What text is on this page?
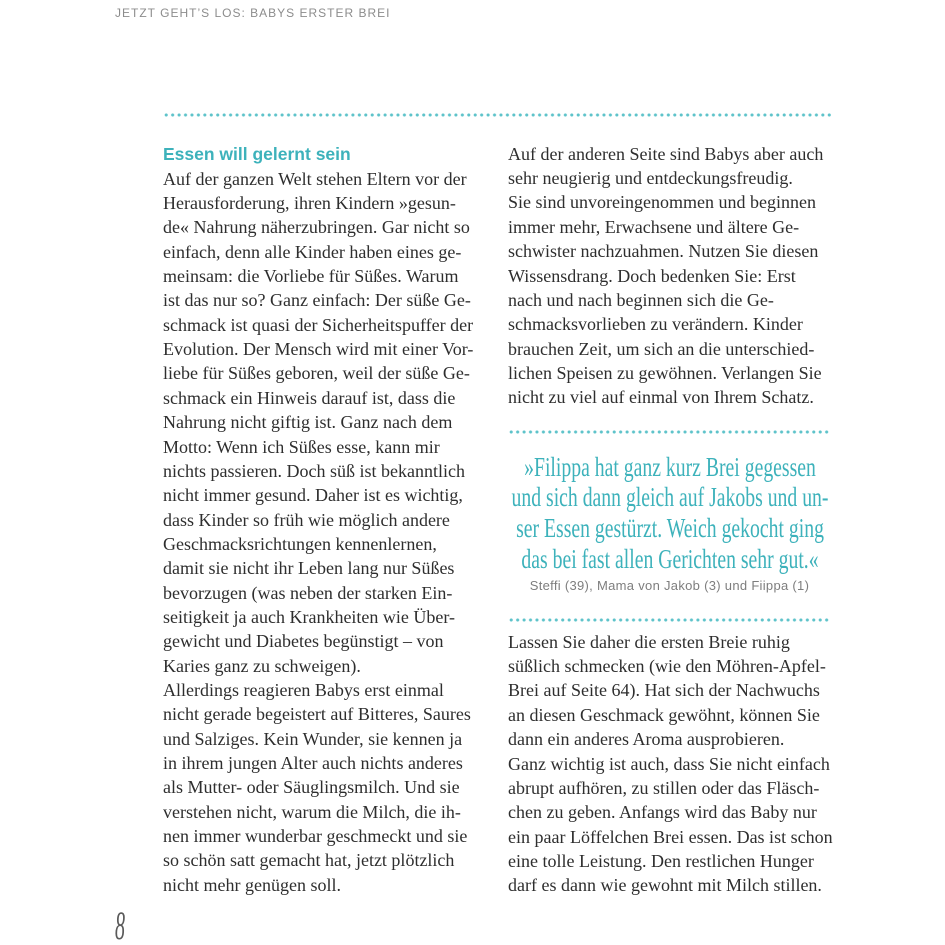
JETZT GEHT’S LOS: BABYS ERSTER BREI
Essen will gelernt sein
Auf der ganzen Welt stehen Eltern vor der
Herausforderung, ihren Kindern »gesun-
de« Nahrung näherzubringen. Gar nicht so
einfach, denn alle Kinder haben eines ge-
meinsam: die Vorliebe für Süßes. Warum
ist das nur so? Ganz einfach: Der süße Ge-
schmack ist quasi der Sicherheitspuffer der
Evolution. Der Mensch wird mit einer Vor-
liebe für Süßes geboren, weil der süße Ge-
schmack ein Hinweis darauf ist, dass die
Nahrung nicht giftig ist. Ganz nach dem
Motto: Wenn ich Süßes esse, kann mir
nichts passieren. Doch süß ist bekanntlich
nicht immer gesund. Daher ist es wichtig,
dass Kinder so früh wie möglich andere
Geschmacksrichtungen kennenlernen,
damit sie nicht ihr Leben lang nur Süßes
bevorzugen (was neben der starken Ein-
seitigkeit ja auch Krankheiten wie Über-
gewicht und Diabetes begünstigt – von
Karies ganz zu schweigen).
Allerdings reagieren Babys erst einmal
nicht gerade begeistert auf Bitteres, Saures
und Salziges. Kein Wunder, sie kennen ja
in ihrem jungen Alter auch nichts anderes
als Mutter- oder Säuglingsmilch. Und sie
verstehen nicht, warum die Milch, die ih-
nen immer wunderbar geschmeckt und sie
so schön satt gemacht hat, jetzt plötzlich
nicht mehr genügen soll.
Auf der anderen Seite sind Babys aber auch
sehr neugierig und entdeckungsfreudig.
Sie sind unvoreingenommen und beginnen
immer mehr, Erwachsene und ältere Ge-
schwister nachzuahmen. Nutzen Sie diesen
Wissensdrang. Doch bedenken Sie: Erst
nach und nach beginnen sich die Ge-
schmacksvorlieben zu verändern. Kinder
brauchen Zeit, um sich an die unterschied-
lichen Speisen zu gewöhnen. Verlangen Sie
nicht zu viel auf einmal von Ihrem Schatz.
»Filippa hat ganz kurz Brei gegessen
und sich dann gleich auf Jakobs und un-
ser Essen gestürzt. Weich gekocht ging
das bei fast allen Gerichten sehr gut.«
Steffi (39), Mama von Jakob (3) und Fiippa (1)
Lassen Sie daher die ersten Breie ruhig
süßlich schmecken (wie den Möhren-Apfel-
Brei auf Seite 64). Hat sich der Nachwuchs
an diesen Geschmack gewöhnt, können Sie
dann ein anderes Aroma ausprobieren.
Ganz wichtig ist auch, dass Sie nicht einfach
abrupt aufhören, zu stillen oder das Fläsch-
chen zu geben. Anfangs wird das Baby nur
ein paar Löffelchen Brei essen. Das ist schon
eine tolle Leistung. Den restlichen Hunger
darf es dann wie gewohnt mit Milch stillen.
8
